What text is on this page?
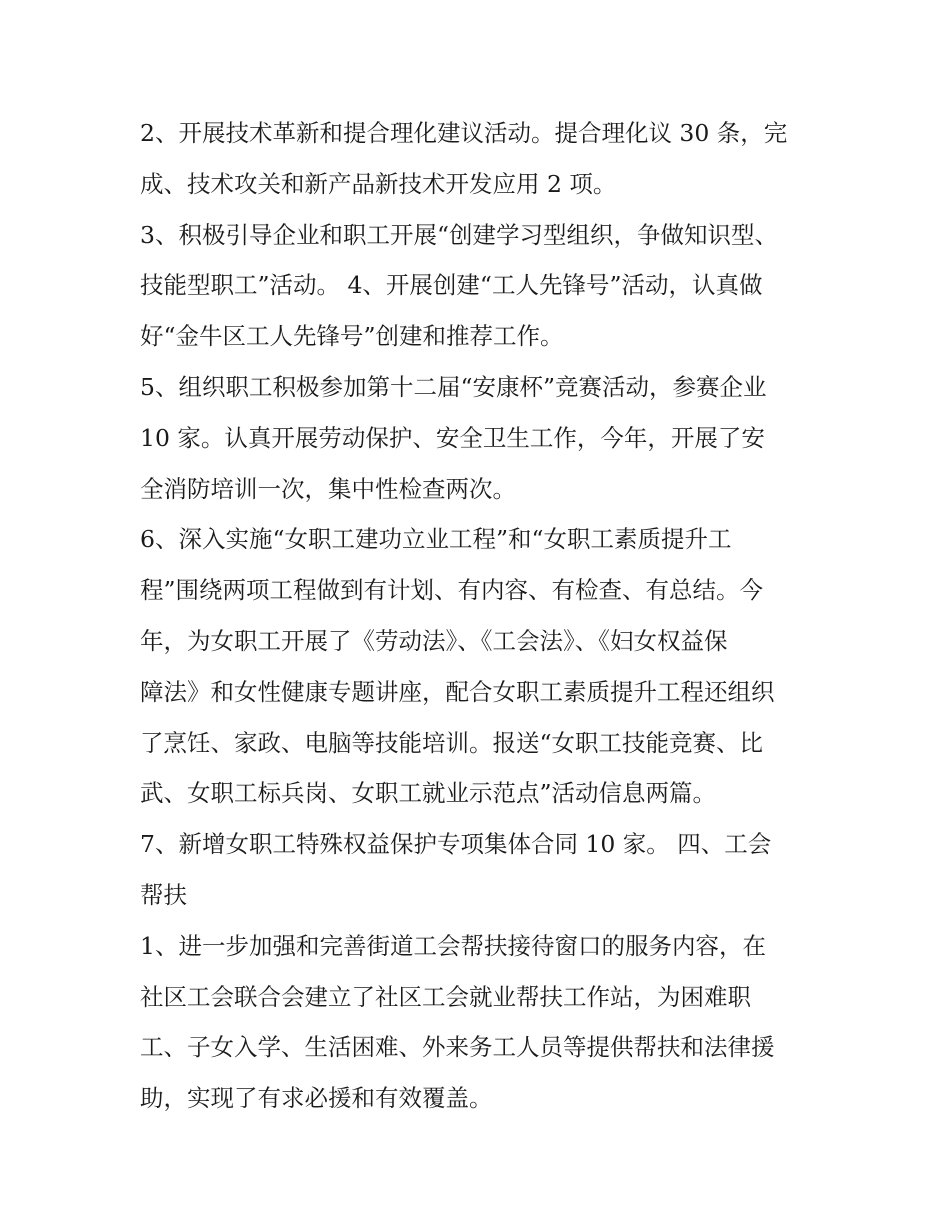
2、开展技术革新和提合理化建议活动。提合理化议 30 条，完
成、技术攻关和新产品新技术开发应用 2 项。
3、积极引导企业和职工开展“创建学习型组织，争做知识型、
技能型职工”活动。 4、开展创建“工人先锋号”活动，认真做
好“金牛区工人先锋号”创建和推荐工作。
5、组织职工积极参加第十二届“安康杯”竞赛活动，参赛企业
10 家。认真开展劳动保护、安全卫生工作，今年，开展了安
全消防培训一次，集中性检查两次。
6、深入实施“女职工建功立业工程”和“女职工素质提升工
程”围绕两项工程做到有计划、有内容、有检查、有总结。今
年，为女职工开展了《劳动法》、《工会法》、《妇女权益保
障法》和女性健康专题讲座，配合女职工素质提升工程还组织
了烹饪、家政、电脑等技能培训。报送“女职工技能竞赛、比
武、女职工标兵岗、女职工就业示范点”活动信息两篇。
7、新增女职工特殊权益保护专项集体合同 10 家。 四、工会
帮扶
1、进一步加强和完善街道工会帮扶接待窗口的服务内容，在
社区工会联合会建立了社区工会就业帮扶工作站，为困难职
工、子女入学、生活困难、外来务工人员等提供帮扶和法律援
助，实现了有求必援和有效覆盖。
